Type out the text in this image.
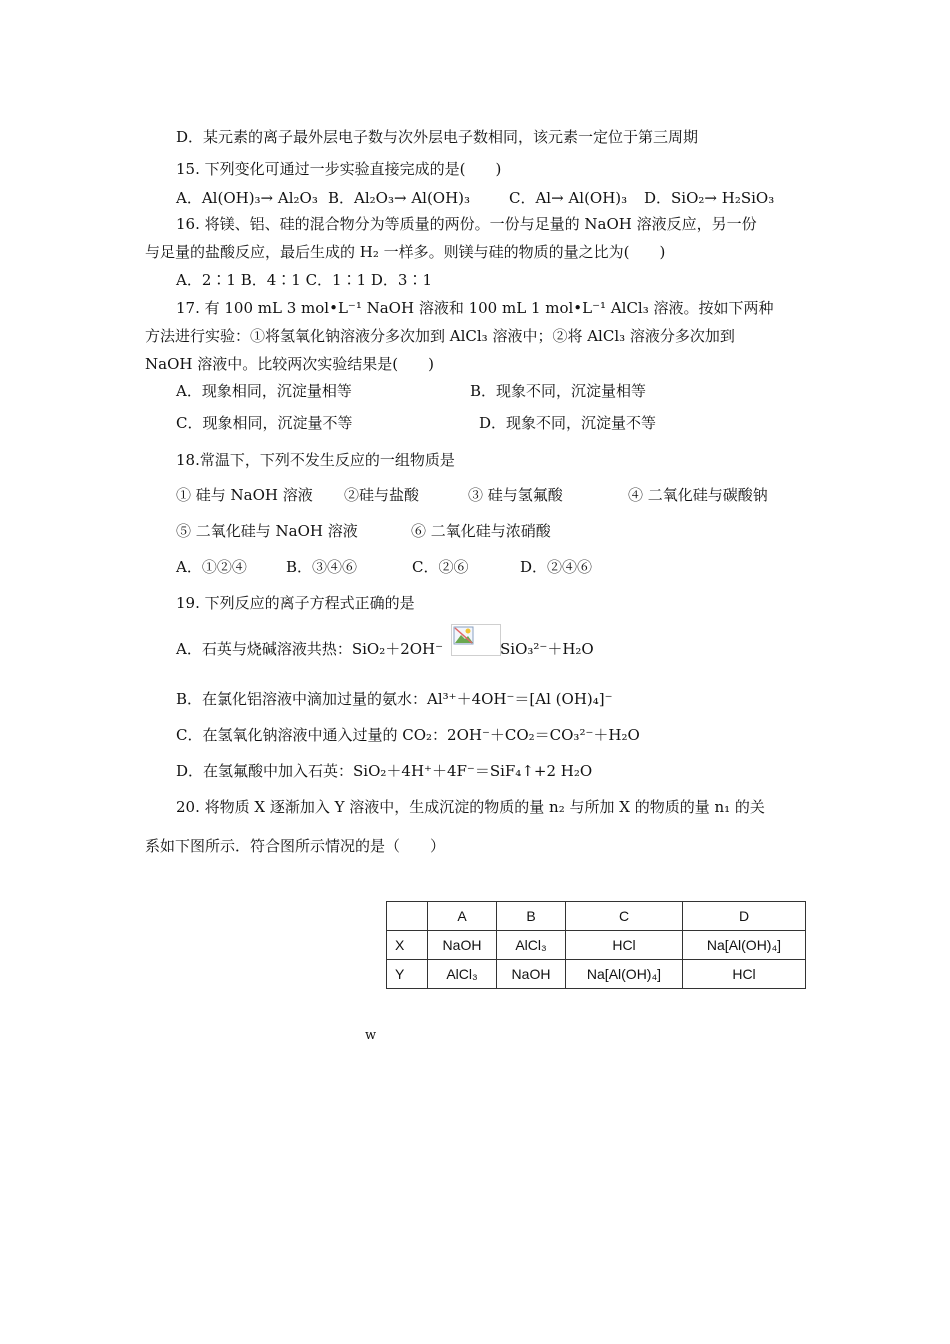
D．某元素的离子最外层电子数与次外层电子数相同，该元素一定位于第三周期
15. 下列变化可通过一步实验直接完成的是(　　)
A．Al(OH)₃→ Al₂O₃ B．Al₂O₃→ Al(OH)₃	C．Al→ Al(OH)₃ D．SiO₂→ H₂SiO₃
16. 将镁、铝、硅的混合物分为等质量的两份。一份与足量的 NaOH 溶液反应，另一份
与足量的盐酸反应，最后生成的 H₂ 一样多。则镁与硅的物质的量之比为(　　)
A．2∶1 B．4∶1 C．1∶1 D．3∶1
17. 有 100 mL 3 mol•L⁻¹ NaOH 溶液和 100 mL 1 mol•L⁻¹ AlCl₃ 溶液。按如下两种
方法进行实验：①将氢氧化钠溶液分多次加到 AlCl₃ 溶液中；②将 AlCl₃ 溶液分多次加到
NaOH 溶液中。比较两次实验结果是(　　)
A．现象相同，沉淀量相等	B．现象不同，沉淀量相等
C．现象相同，沉淀量不等	D．现象不同，沉淀量不等
18.常温下，下列不发生反应的一组物质是
① 硅与 NaOH 溶液 ②硅与盐酸	③ 硅与氢氟酸	④ 二氧化硅与碳酸钠
⑤ 二氧化硅与 NaOH 溶液	⑥ 二氧化硅与浓硝酸
A．①②④	B．③④⑥	C．②⑥	D．②④⑥
19. 下列反应的离子方程式正确的是
A．石英与烧碱溶液共热：SiO₂＋2OH⁻	SiO₃²⁻＋H₂O
B．在氯化铝溶液中滴加过量的氨水：Al³⁺＋4OH⁻＝[Al (OH)₄]⁻
C．在氢氧化钠溶液中通入过量的 CO₂：2OH⁻＋CO₂＝CO₃²⁻＋H₂O
D．在氢氟酸中加入石英：SiO₂＋4H⁺＋4F⁻＝SiF₄↑+2 H₂O
20. 将物质 X 逐渐加入 Y 溶液中，生成沉淀的物质的量 n₂ 与所加 X 的物质的量 n₁ 的关
系如下图所示．符合图所示情况的是（　　）
	A	B	C	D
X	NaOH	AlCl₃	HCl	Na[Al(OH)₄]
Y	AlCl₃	NaOH	Na[Al(OH)₄]	HCl
w
